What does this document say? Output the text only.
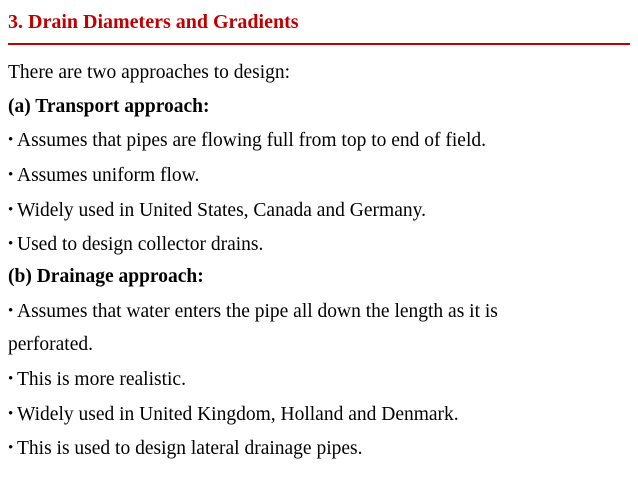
3. Drain Diameters and Gradients
There are two approaches to design:
(a) Transport approach:
• Assumes that pipes are flowing full from top to end of field.
• Assumes uniform flow.
• Widely used in United States, Canada and Germany.
• Used to design collector drains.
(b) Drainage approach:
• Assumes that water enters the pipe all down the length as it is
perforated.
• This is more realistic.
• Widely used in United Kingdom, Holland and Denmark.
• This is used to design lateral drainage pipes.
